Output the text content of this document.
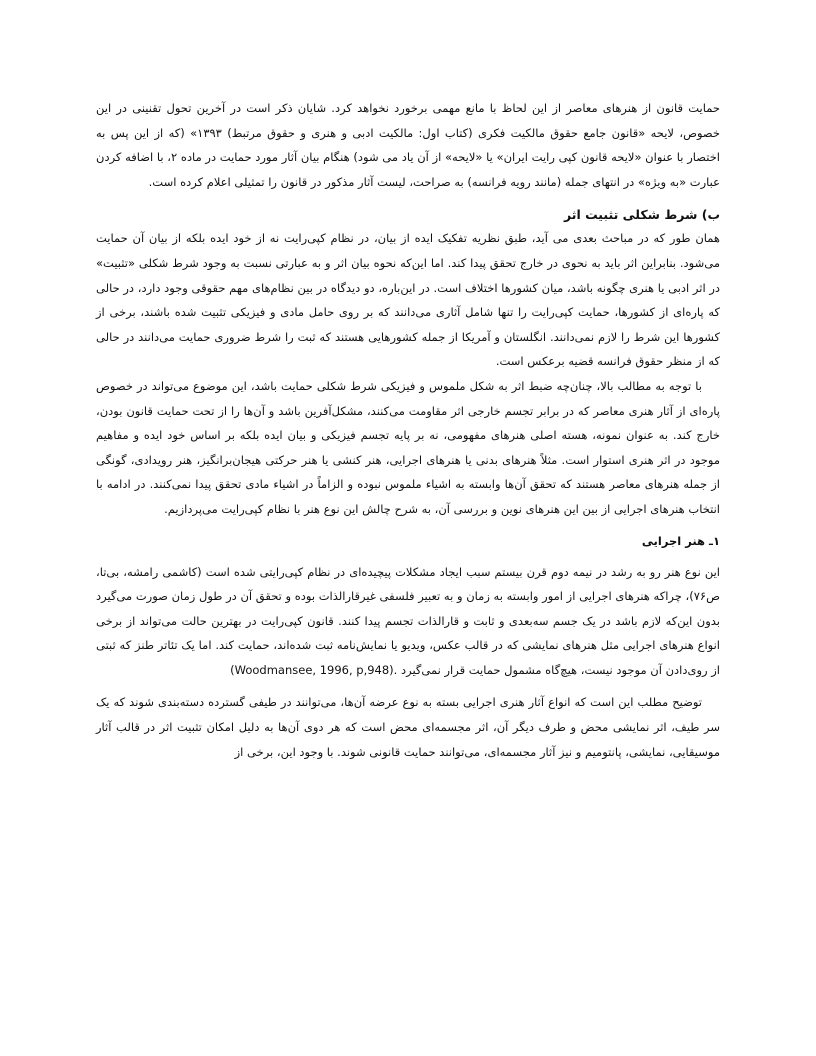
حمایت قانون از هنرهای معاصر از این لحاظ با مانع مهمی برخورد نخواهد کرد. شایان ذکر است در آخرین تحول تقنینی در این خصوص، لایحه «قانون جامع حقوق مالکیت فکری (کتاب اول: مالکیت ادبی و هنری و حقوق مرتبط) ۱۳۹۳» (که از این پس به اختصار با عنوان «لایحه قانون کپی رایت ایران» یا «لایحه» از آن یاد می شود) هنگام بیان آثار مورد حمایت در ماده ۲، با اضافه کردن عبارت «به ویژه» در انتهای جمله (مانند رویه فرانسه) به صراحت، لیست آثار مذکور در قانون را تمثیلی اعلام کرده است.

ب) شرط شکلی تثبیت اثر

همان طور که در مباحث بعدی می آید، طبق نظریه تفکیک ایده از بیان، در نظام کپی‌رایت نه از خود ایده بلکه از بیان آن حمایت می‌شود. بنابراین اثر باید به نحوی در خارج تحقق پیدا کند. اما این‌که نحوه بیان اثر و به عبارتی نسبت به وجود شرط شکلی «تثبیت» در اثر ادبی یا هنری چگونه باشد، میان کشورها اختلاف است. در این‌باره، دو دیدگاه در بین نظام‌های مهم حقوقی وجود دارد، در حالی که پاره‌ای از کشورها، حمایت کپی‌رایت را تنها شامل آثاری می‌دانند که بر روی حامل مادی و فیزیکی تثبیت شده باشند، برخی از کشورها این شرط را لازم نمی‌دانند. انگلستان و آمریکا از جمله کشورهایی هستند که ثبت را شرط ضروری حمایت می‌دانند در حالی که از منظر حقوق فرانسه قضیه برعکس است.

با توجه به مطالب بالا، چنان‌چه ضبط اثر به شکل ملموس و فیزیکی شرط شکلی حمایت باشد، این موضوع می‌تواند در خصوص پاره‌ای از آثار هنری معاصر که در برابر تجسم خارجی اثر مقاومت می‌کنند، مشکل‌آفرین باشد و آن‌ها را از تحت حمایت قانون بودن، خارج کند. به عنوان نمونه، هسته اصلی هنرهای مفهومی، نه بر پایه تجسم فیزیکی و بیان ایده بلکه بر اساس خود ایده و مفاهیم موجود در اثر هنری استوار است. مثلاً هنرهای بدنی یا هنرهای اجرایی، هنر کنشی یا هنر حرکتی هیجان‌برانگیز، هنر رویدادی، گونگی از جمله هنرهای معاصر هستند که تحقق آن‌ها وابسته به اشیاء ملموس نبوده و الزاماً در اشیاء مادی تحقق پیدا نمی‌کنند. در ادامه با انتخاب هنرهای اجرایی از بین این هنرهای نوین و بررسی آن، به شرح چالش این نوع هنر با نظام کپی‌رایت می‌پردازیم.

۱ـ هنر اجرایی

این نوع هنر رو به رشد در نیمه دوم قرن بیستم سبب ایجاد مشکلات پیچیده‌ای در نظام کپی‌رایتی شده است (کاشمی رامشه، بی‌تا، ص۷۶)، چراکه هنرهای اجرایی از امور وابسته به زمان و به تعبیر فلسفی غیرقارالذات بوده و تحقق آن در طول زمان صورت می‌گیرد بدون این‌که لازم باشد در یک جسم سه‌بعدی و ثابت و قارالذات تجسم پیدا کنند. قانون کپی‌رایت در بهترین حالت می‌تواند از برخی انواع هنرهای اجرایی مثل هنرهای نمایشی که در قالب عکس، ویدیو یا نمایش‌نامه ثبت شده‌اند، حمایت کند. اما یک تئاتر طنز که ثبتی از روی‌دادن آن موجود نیست، هیچ‌گاه مشمول حمایت قرار نمی‌گیرد (Woodmansee, 1996, p,948).

توضیح مطلب این است که انواع آثار هنری اجرایی بسته به نوع عرضه آن‌ها، می‌توانند در طیفی گسترده دسته‌بندی شوند که یک سر طیف، اثر نمایشی محض و طرف دیگر آن، اثر مجسمه‌ای محض است که هر دوی آن‌ها به دلیل امکان تثبیت اثر در قالب آثار موسیقایی، نمایشی، پانتومیم و نیز آثار مجسمه‌ای، می‌توانند حمایت قانونی شوند. با وجود این، برخی از
